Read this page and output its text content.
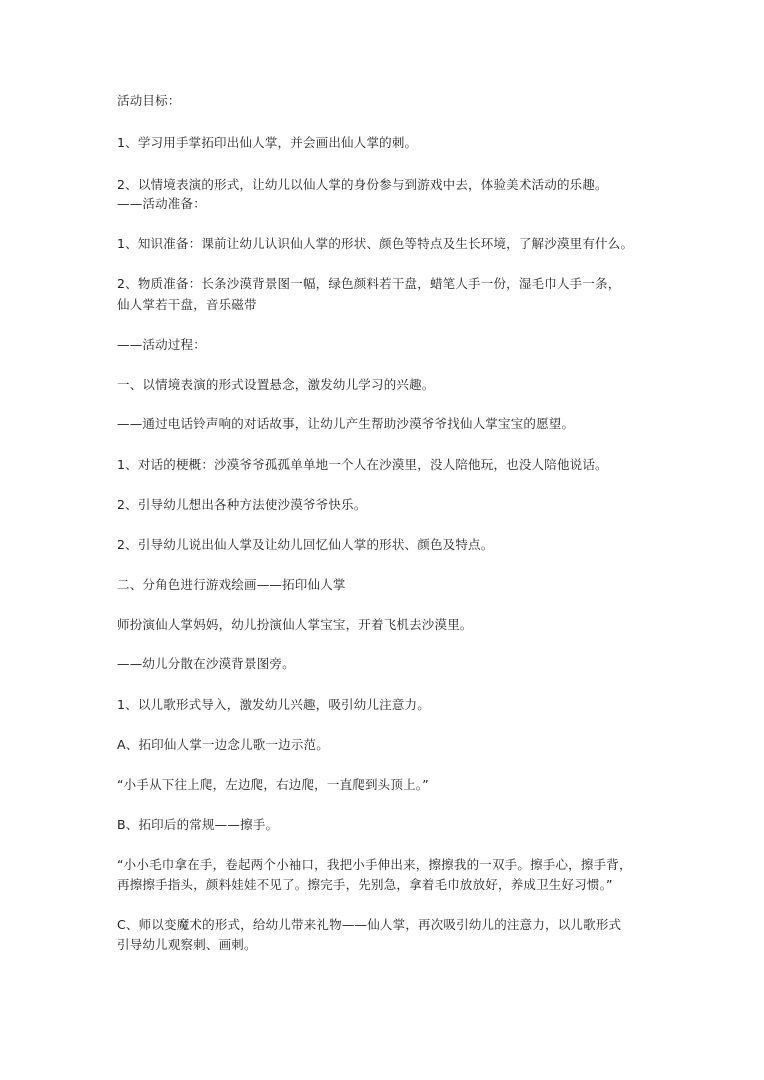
活动目标：
1、学习用手掌拓印出仙人掌，并会画出仙人掌的刺。
2、以情境表演的形式，让幼儿以仙人掌的身份参与到游戏中去，体验美术活动的乐趣。
——活动准备：
1、知识准备：课前让幼儿认识仙人掌的形状、颜色等特点及生长环境，了解沙漠里有什么。
2、物质准备：长条沙漠背景图一幅，绿色颜料若干盘，蜡笔人手一份，湿毛巾人手一条，
仙人掌若干盘，音乐磁带
——活动过程：
一、以情境表演的形式设置悬念，激发幼儿学习的兴趣。
——通过电话铃声响的对话故事，让幼儿产生帮助沙漠爷爷找仙人掌宝宝的愿望。
1、对话的梗概：沙漠爷爷孤孤单单地一个人在沙漠里，没人陪他玩，也没人陪他说话。
2、引导幼儿想出各种方法使沙漠爷爷快乐。
2、引导幼儿说出仙人掌及让幼儿回忆仙人掌的形状、颜色及特点。
二、分角色进行游戏绘画——拓印仙人掌
师扮演仙人掌妈妈，幼儿扮演仙人掌宝宝，开着飞机去沙漠里。
——幼儿分散在沙漠背景图旁。
1、以儿歌形式导入，激发幼儿兴趣，吸引幼儿注意力。
A、拓印仙人掌一边念儿歌一边示范。
“小手从下往上爬，左边爬，右边爬，一直爬到头顶上。”
B、拓印后的常规——擦手。
“小小毛巾拿在手，卷起两个小袖口，我把小手伸出来，擦擦我的一双手。擦手心，擦手背，
再擦擦手指头，颜料娃娃不见了。擦完手，先别急，拿着毛巾放放好，养成卫生好习惯。”
C、师以变魔术的形式，给幼儿带来礼物——仙人掌，再次吸引幼儿的注意力，以儿歌形式
引导幼儿观察刺、画刺。
